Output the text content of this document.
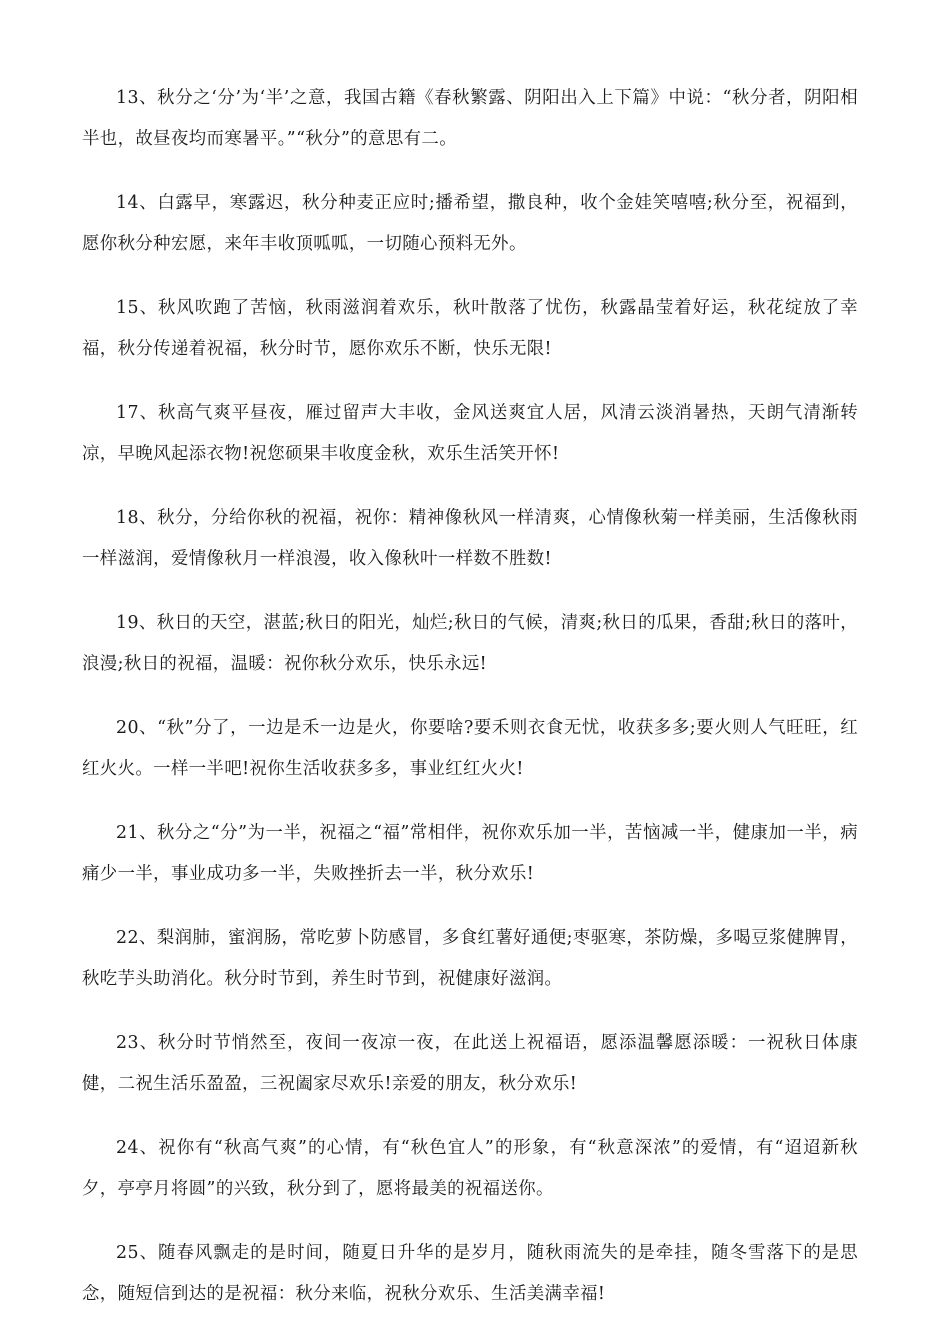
13、秋分之‘分’为‘半’之意，我国古籍《春秋繁露、阴阳出入上下篇》中说：“秋分者，阴阳相半也，故昼夜均而寒暑平。”“秋分”的意思有二。

14、白露早，寒露迟，秋分种麦正应时;播希望，撒良种，收个金娃笑嘻嘻;秋分至，祝福到，愿你秋分种宏愿，来年丰收顶呱呱，一切随心预料无外。

15、秋风吹跑了苦恼，秋雨滋润着欢乐，秋叶散落了忧伤，秋露晶莹着好运，秋花绽放了幸福，秋分传递着祝福，秋分时节，愿你欢乐不断，快乐无限!

17、秋高气爽平昼夜，雁过留声大丰收，金风送爽宜人居，风清云淡消暑热，天朗气清渐转凉，早晚风起添衣物!祝您硕果丰收度金秋，欢乐生活笑开怀!

18、秋分，分给你秋的祝福，祝你：精神像秋风一样清爽，心情像秋菊一样美丽，生活像秋雨一样滋润，爱情像秋月一样浪漫，收入像秋叶一样数不胜数!

19、秋日的天空，湛蓝;秋日的阳光，灿烂;秋日的气候，清爽;秋日的瓜果，香甜;秋日的落叶，浪漫;秋日的祝福，温暖：祝你秋分欢乐，快乐永远!

20、“秋”分了，一边是禾一边是火，你要啥?要禾则衣食无忧，收获多多;要火则人气旺旺，红红火火。一样一半吧!祝你生活收获多多，事业红红火火!

21、秋分之“分”为一半，祝福之“福”常相伴，祝你欢乐加一半，苦恼减一半，健康加一半，病痛少一半，事业成功多一半，失败挫折去一半，秋分欢乐!

22、梨润肺，蜜润肠，常吃萝卜防感冒，多食红薯好通便;枣驱寒，茶防燥，多喝豆浆健脾胃，秋吃芋头助消化。秋分时节到，养生时节到，祝健康好滋润。

23、秋分时节悄然至，夜间一夜凉一夜，在此送上祝福语，愿添温馨愿添暖：一祝秋日体康健，二祝生活乐盈盈，三祝阖家尽欢乐!亲爱的朋友，秋分欢乐!

24、祝你有“秋高气爽”的心情，有“秋色宜人”的形象，有“秋意深浓”的爱情，有“迢迢新秋夕，亭亭月将圆”的兴致，秋分到了，愿将最美的祝福送你。

25、随春风飘走的是时间，随夏日升华的是岁月，随秋雨流失的是牵挂，随冬雪落下的是思念，随短信到达的是祝福：秋分来临，祝秋分欢乐、生活美满幸福!
